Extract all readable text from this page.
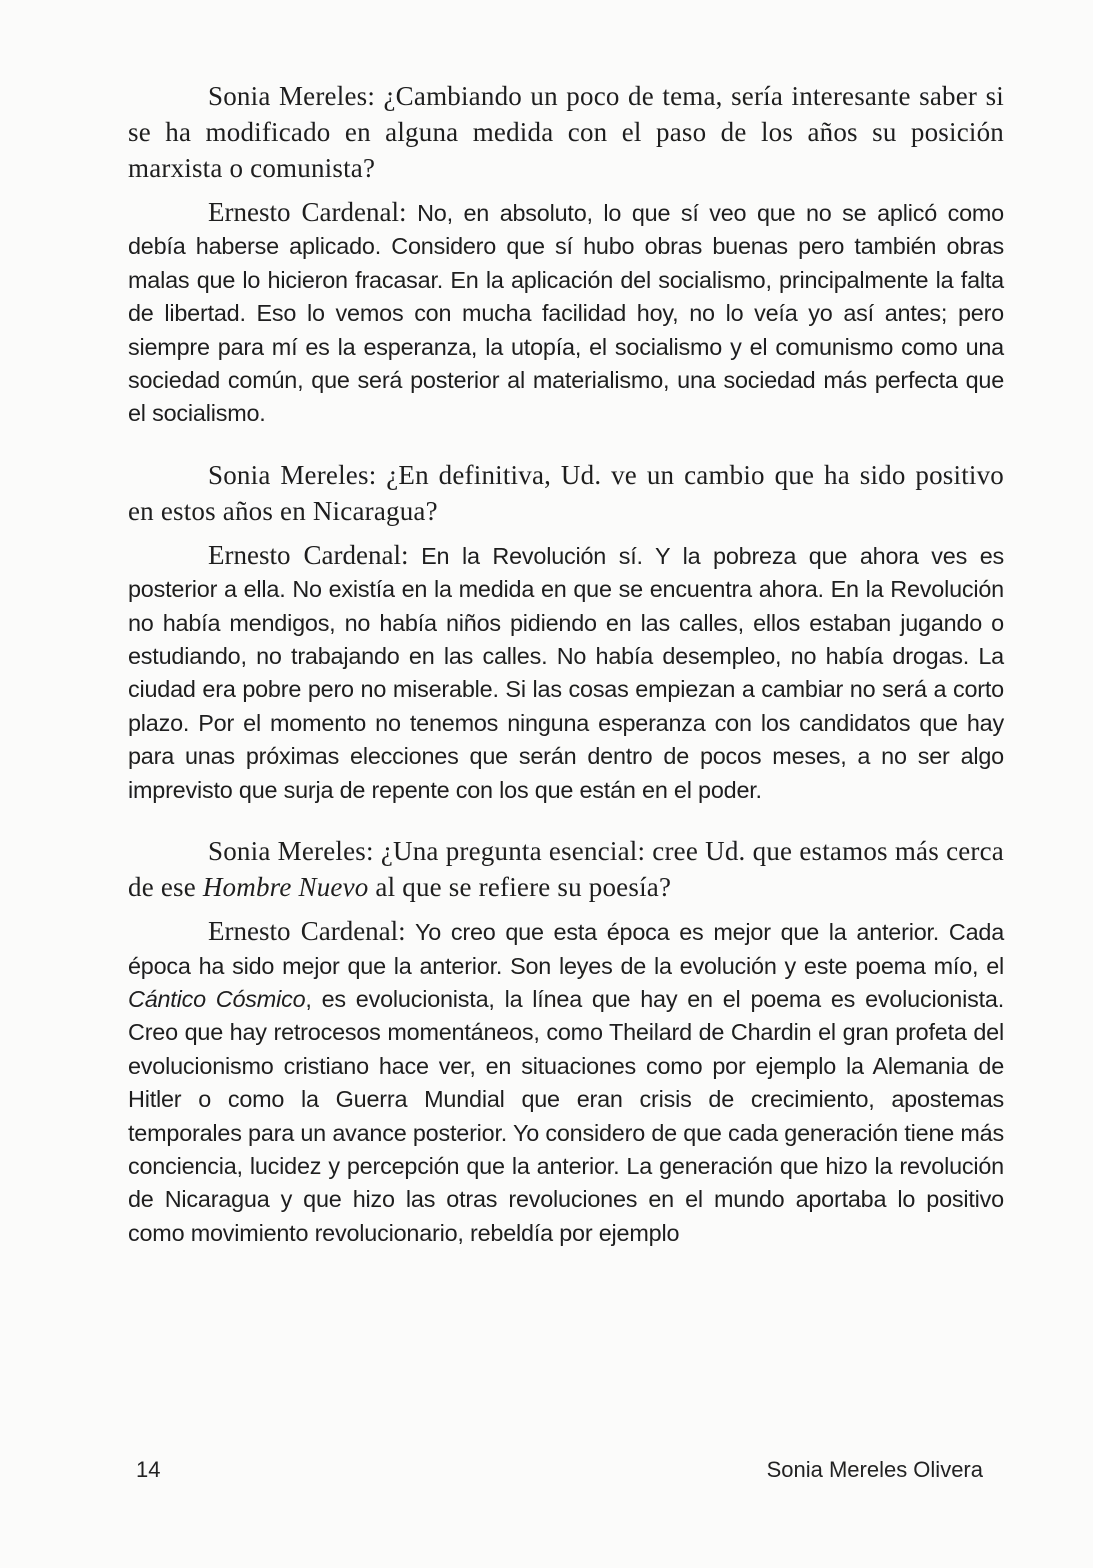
Sonia Mereles: ¿Cambiando un poco de tema, sería interesante saber si se ha modificado en alguna medida con el paso de los años su posición marxista o comunista?

Ernesto Cardenal: No, en absoluto, lo que sí veo que no se aplicó como debía haberse aplicado. Considero que sí hubo obras buenas pero también obras malas que lo hicieron fracasar. En la aplicación del socialismo, principalmente la falta de libertad. Eso lo vemos con mucha facilidad hoy, no lo veía yo así antes; pero siempre para mí es la esperanza, la utopía, el socialismo y el comunismo como una sociedad común, que será posterior al materialismo, una sociedad más perfecta que el socialismo.

Sonia Mereles: ¿En definitiva, Ud. ve un cambio que ha sido positivo en estos años en Nicaragua?

Ernesto Cardenal: En la Revolución sí. Y la pobreza que ahora ves es posterior a ella. No existía en la medida en que se encuentra ahora. En la Revolución no había mendigos, no había niños pidiendo en las calles, ellos estaban jugando o estudiando, no trabajando en las calles. No había desempleo, no había drogas. La ciudad era pobre pero no miserable. Si las cosas empiezan a cambiar no será a corto plazo. Por el momento no tenemos ninguna esperanza con los candidatos que hay para unas próximas elecciones que serán dentro de pocos meses, a no ser algo imprevisto que surja de repente con los que están en el poder.

Sonia Mereles: ¿Una pregunta esencial: cree Ud. que estamos más cerca de ese Hombre Nuevo al que se refiere su poesía?

Ernesto Cardenal: Yo creo que esta época es mejor que la anterior. Cada época ha sido mejor que la anterior. Son leyes de la evolución y este poema mío, el Cántico Cósmico, es evolucionista, la línea que hay en el poema es evolucionista. Creo que hay retrocesos momentáneos, como Theilard de Chardin el gran profeta del evolucionismo cristiano hace ver, en situaciones como por ejemplo la Alemania de Hitler o como la Guerra Mundial que eran crisis de crecimiento, apostemas temporales para un avance posterior. Yo considero de que cada generación tiene más conciencia, lucidez y percepción que la anterior. La generación que hizo la revolución de Nicaragua y que hizo las otras revoluciones en el mundo aportaba lo positivo como movimiento revolucionario, rebeldía por ejemplo

14	Sonia Mereles Olivera
